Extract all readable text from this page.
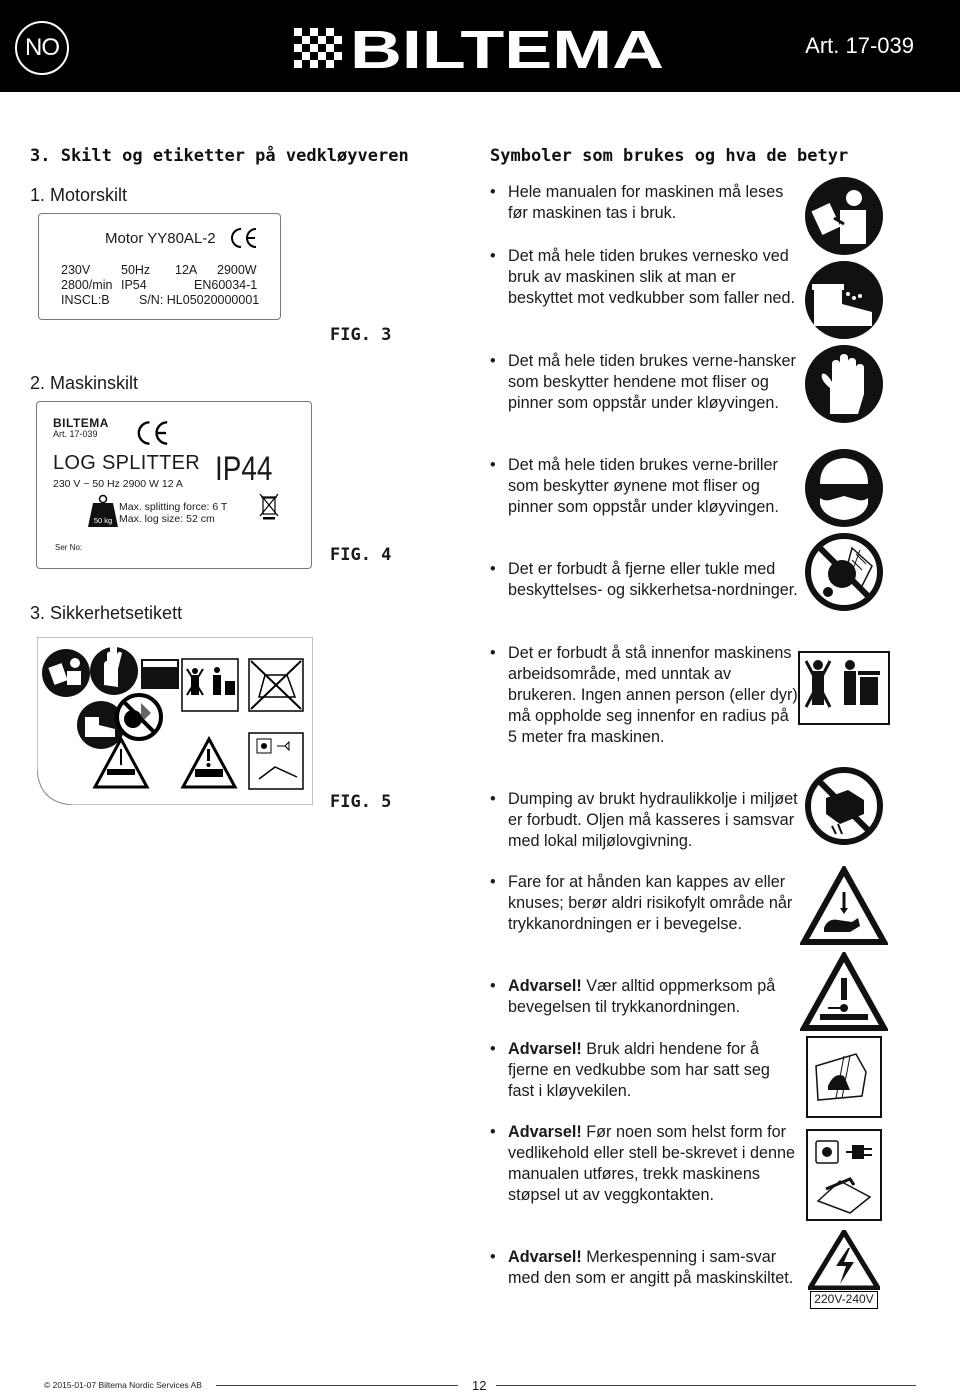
NO	BILTEMA	Art. 17-039
3. Skilt og etiketter på vedkløyveren
1. Motorskilt
Motor YY80AL-2
230V 50Hz 12A 2900W
2800/min IP54	EN60034-1
INSCL:B S/N: HL05020000001
FIG. 3
2. Maskinskilt
BILTEMA
Art. 17-039
LOG SPLITTER
230 V ~ 50 Hz 2900 W 12 A IP44
50 kg
Max. splitting force: 6 T
Max. log size: 52 cm
Ser No:	FIG. 4
3. Sikkerhetsetikett
FIG. 5
Symboler som brukes og hva de betyr
• Hele manualen for maskinen må leses før maskinen tas i bruk.
• Det må hele tiden brukes vernesko ved bruk av maskinen slik at man er beskyttet mot vedkubber som faller ned.
• Det må hele tiden brukes verne-hansker som beskytter hendene mot fliser og pinner som oppstår under kløyvingen.
• Det må hele tiden brukes verne-briller som beskytter øynene mot fliser og pinner som oppstår under kløyvingen.
• Det er forbudt å fjerne eller tukle med beskyttelses- og sikkerhetsa-nordninger.
• Det er forbudt å stå innenfor maskinens arbeidsområde, med unntak av brukeren. Ingen annen person (eller dyr) må oppholde seg innenfor en radius på 5 meter fra maskinen.
• Dumping av brukt hydraulikkolje i miljøet er forbudt. Oljen må kasseres i samsvar med lokal miljølovgivning.
• Fare for at hånden kan kappes av eller knuses; berør aldri risikofylt område når trykkanordningen er i bevegelse.
• Advarsel! Vær alltid oppmerksom på bevegelsen til trykkanordningen.
• Advarsel! Bruk aldri hendene for å fjerne en vedkubbe som har satt seg fast i kløyvekilen.
• Advarsel! Før noen som helst form for vedlikehold eller stell be-skrevet i denne manualen utføres, trekk maskinens støpsel ut av veggkontakten.
• Advarsel! Merkespenning i sam-svar med den som er angitt på maskinskiltet.
220V-240V
© 2015-01-07 Biltema Nordic Services AB	12
